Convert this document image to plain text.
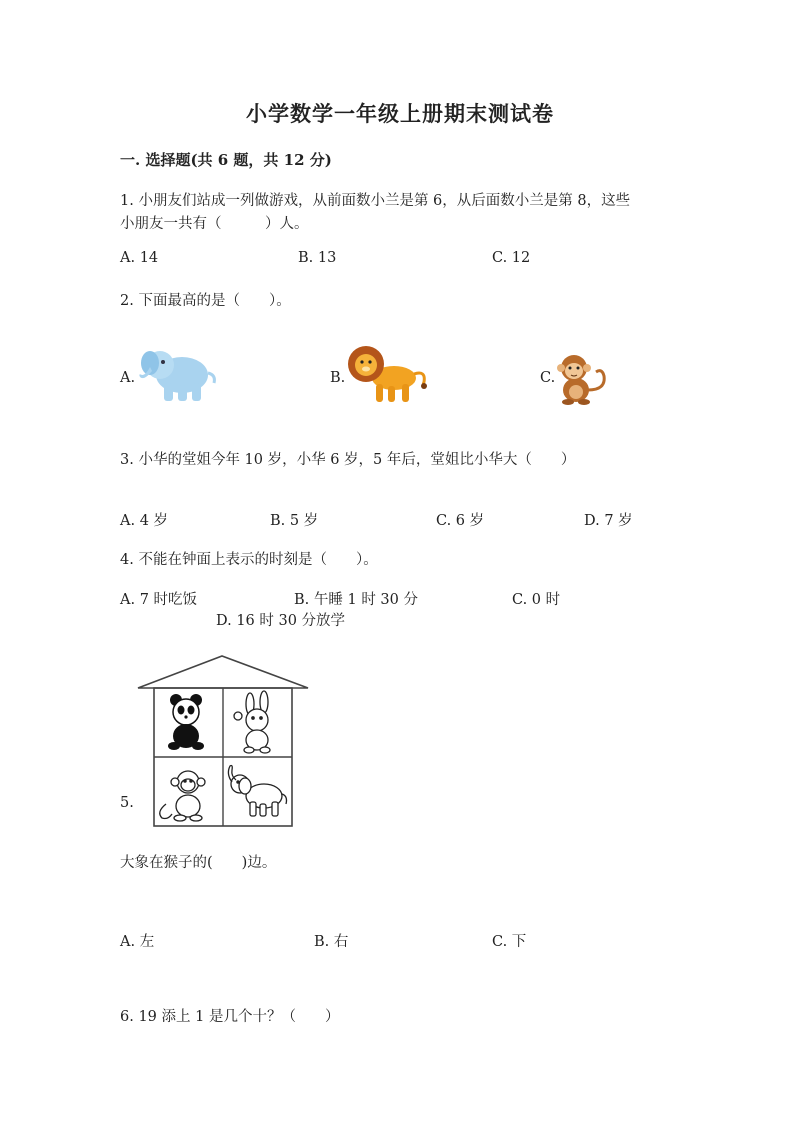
小学数学一年级上册期末测试卷
一. 选择题(共 6 题，共 12 分)
1. 小朋友们站成一列做游戏，从前面数小兰是第 6，从后面数小兰是第 8，这些
小朋友一共有（　　　）人。
A. 14	B. 13	C. 12
2. 下面最高的是（　　）。
A.	B.	C.
3. 小华的堂姐今年 10 岁，小华 6 岁，5 年后，堂姐比小华大（　　）
A. 4 岁	B. 5 岁	C. 6 岁	D. 7 岁
4. 不能在钟面上表示的时刻是（　　）。
A. 7 时吃饭	B. 午睡 1 时 30 分	C. 0 时
D. 16 时 30 分放学
5.
大象在猴子的(　　)边。
A. 左	B. 右	C. 下
6. 19 添上 1 是几个十？（　　）
